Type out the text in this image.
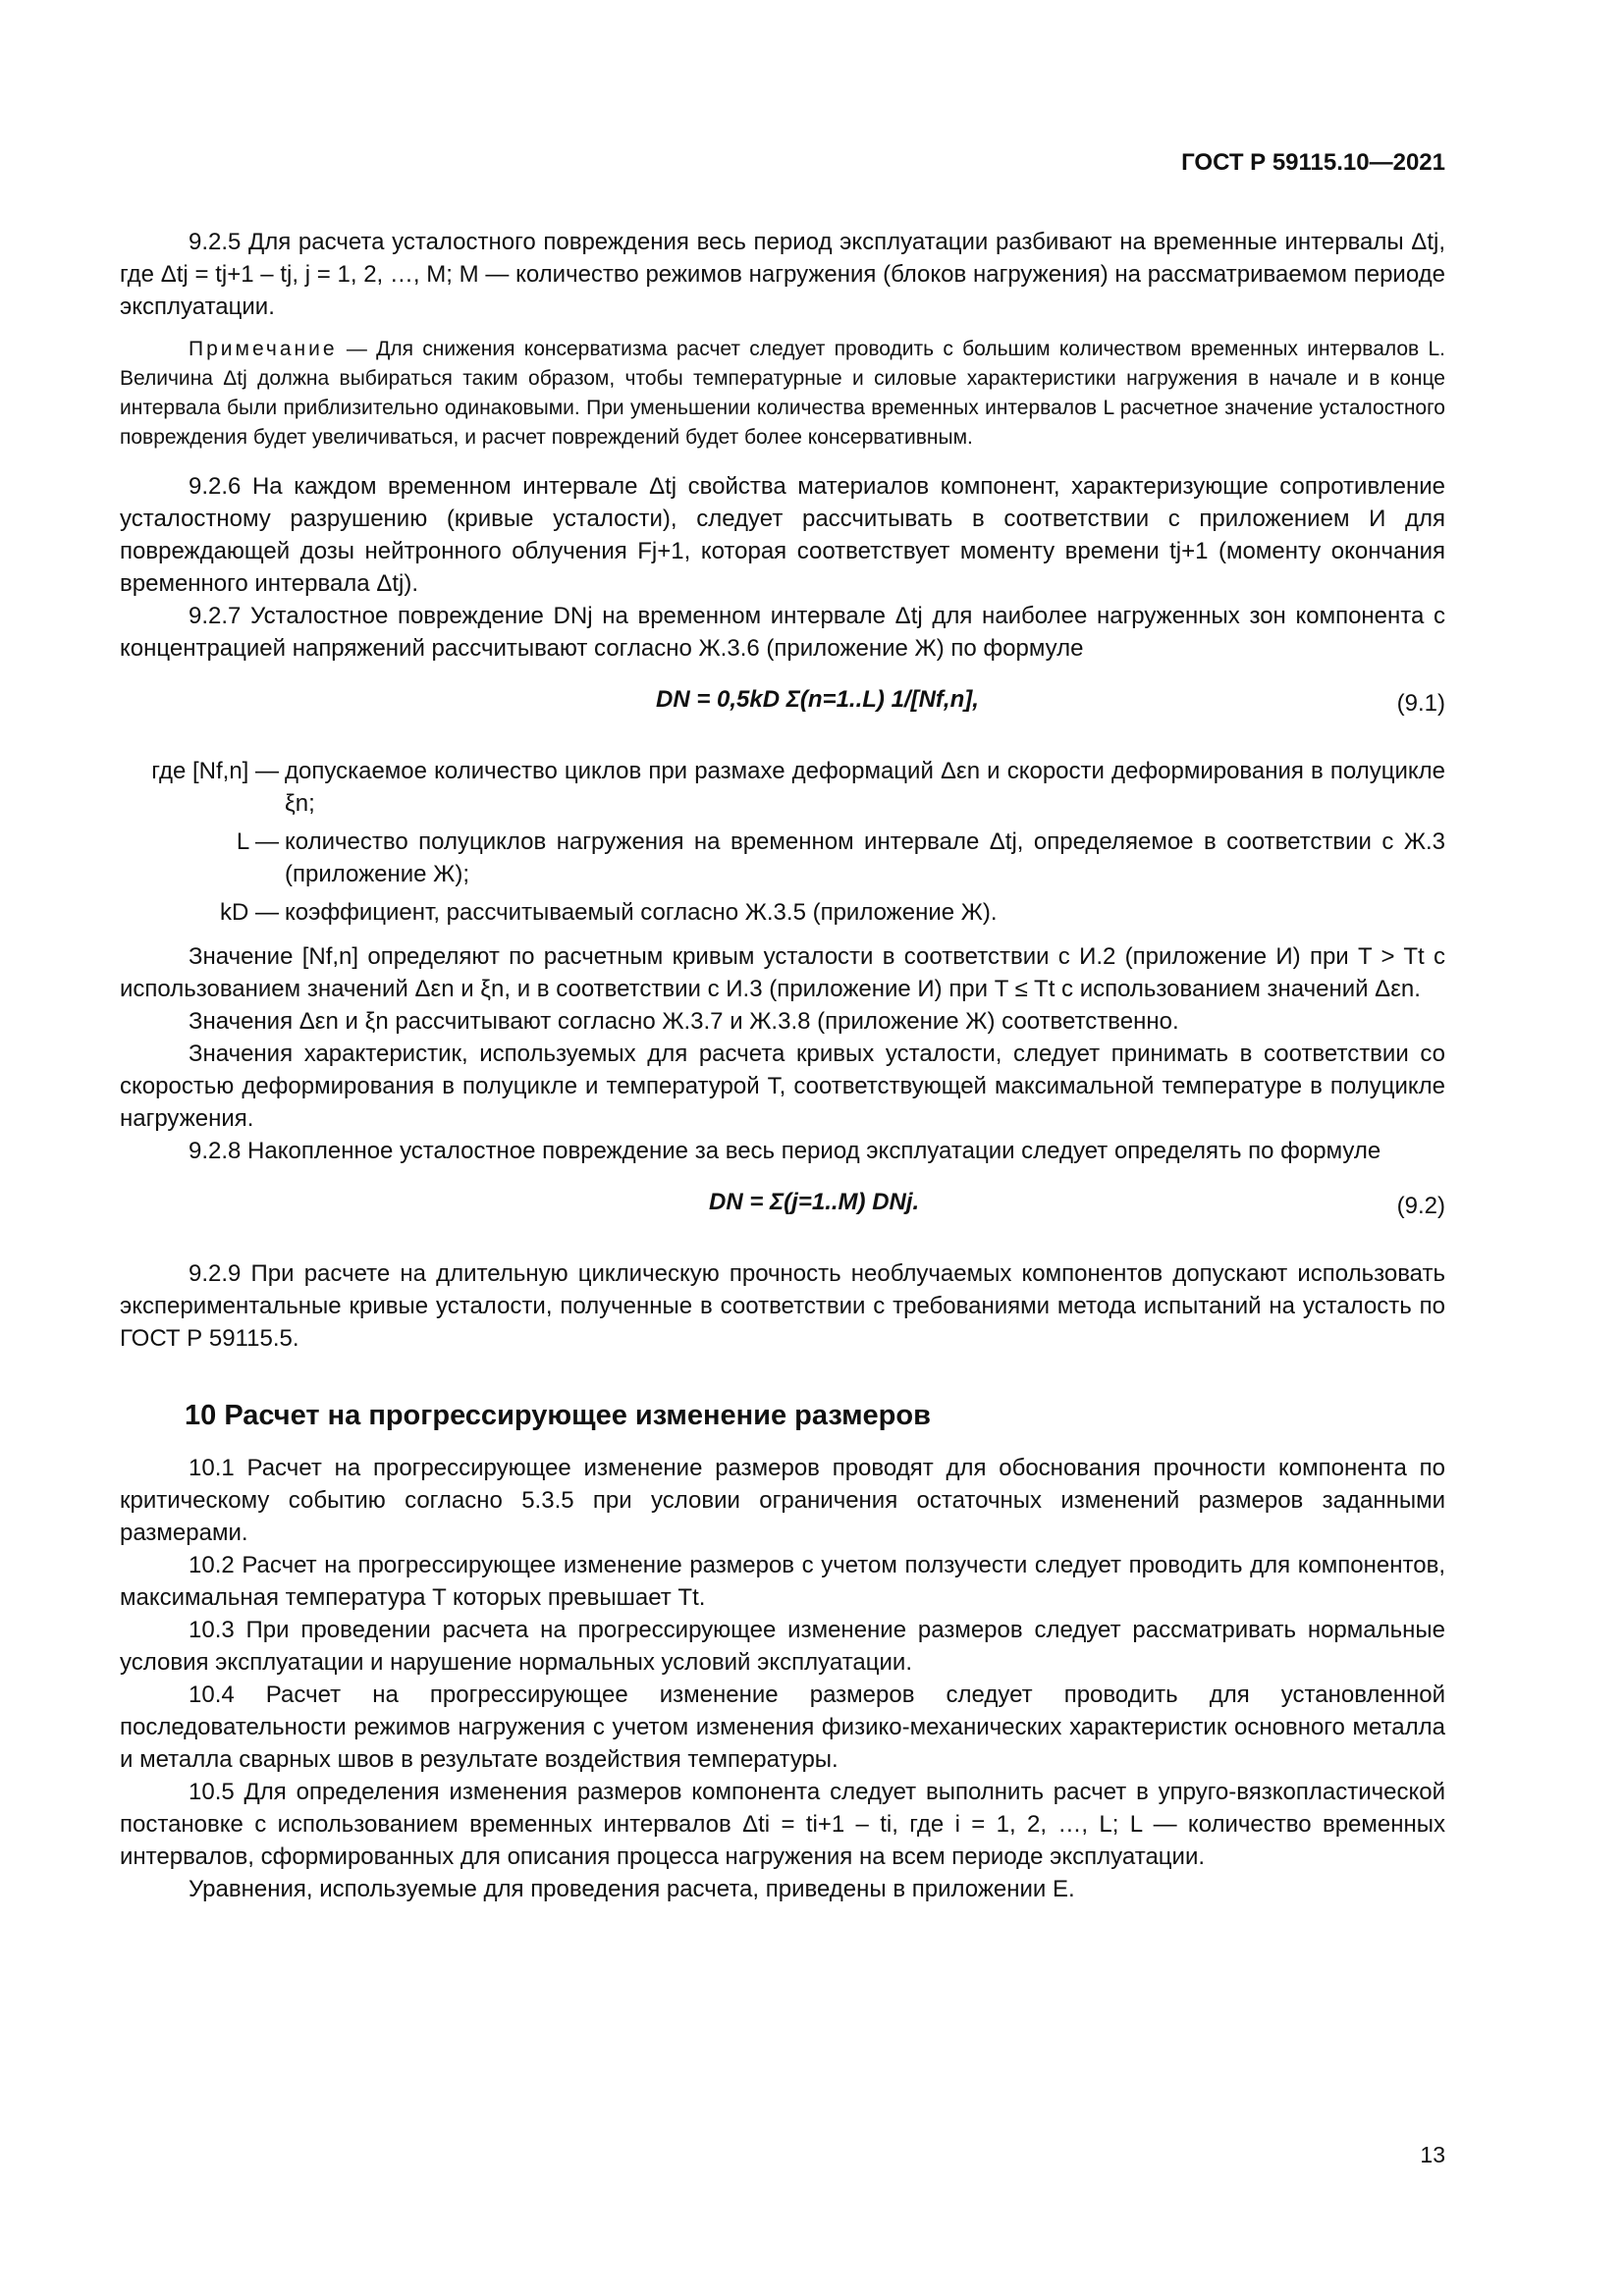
ГОСТ Р 59115.10—2021

9.2.5 Для расчета усталостного повреждения весь период эксплуатации разбивают на временные интервалы Δtj, где Δtj = tj+1 – tj, j = 1, 2, …, M; M — количество режимов нагружения (блоков нагружения) на рассматриваемом периоде эксплуатации.

Примечание — Для снижения консерватизма расчет следует проводить с большим количеством временных интервалов L. Величина Δtj должна выбираться таким образом, чтобы температурные и силовые характеристики нагружения в начале и в конце интервала были приблизительно одинаковыми. При уменьшении количества временных интервалов L расчетное значение усталостного повреждения будет увеличиваться, и расчет повреждений будет более консервативным.

9.2.6 На каждом временном интервале Δtj свойства материалов компонент, характеризующие сопротивление усталостному разрушению (кривые усталости), следует рассчитывать в соответствии с приложением И для повреждающей дозы нейтронного облучения Fj+1, которая соответствует моменту времени tj+1 (моменту окончания временного интервала Δtj).

9.2.7 Усталостное повреждение DNj на временном интервале Δtj для наиболее нагруженных зон компонента с концентрацией напряжений рассчитывают согласно Ж.3.6 (приложение Ж) по формуле

DN = 0,5kD Σ(n=1..L) 1/[Nf,n],	(9.1)
где [Nf,n] — допускаемое количество циклов при размахе деформаций Δεn и скорости деформирования в полуцикле ξn;
L — количество полуциклов нагружения на временном интервале Δtj, определяемое в соответствии с Ж.3 (приложение Ж);
kD — коэффициент, рассчитываемый согласно Ж.3.5 (приложение Ж).

Значение [Nf,n] определяют по расчетным кривым усталости в соответствии с И.2 (приложение И) при T > Tt с использованием значений Δεn и ξn, и в соответствии с И.3 (приложение И) при T ≤ Tt с использованием значений Δεn.

Значения Δεn и ξn рассчитывают согласно Ж.3.7 и Ж.3.8 (приложение Ж) соответственно.

Значения характеристик, используемых для расчета кривых усталости, следует принимать в соответствии со скоростью деформирования в полуцикле и температурой T, соответствующей максимальной температуре в полуцикле нагружения.

9.2.8 Накопленное усталостное повреждение за весь период эксплуатации следует определять по формуле

DN = Σ(j=1..M) DNj.	(9.2)

9.2.9 При расчете на длительную циклическую прочность необлучаемых компонентов допускают использовать экспериментальные кривые усталости, полученные в соответствии с требованиями метода испытаний на усталость по ГОСТ Р 59115.5.

10 Расчет на прогрессирующее изменение размеров

10.1 Расчет на прогрессирующее изменение размеров проводят для обоснования прочности компонента по критическому событию согласно 5.3.5 при условии ограничения остаточных изменений размеров заданными размерами.

10.2 Расчет на прогрессирующее изменение размеров с учетом ползучести следует проводить для компонентов, максимальная температура T которых превышает Tt.

10.3 При проведении расчета на прогрессирующее изменение размеров следует рассматривать нормальные условия эксплуатации и нарушение нормальных условий эксплуатации.

10.4 Расчет на прогрессирующее изменение размеров следует проводить для установленной последовательности режимов нагружения с учетом изменения физико-механических характеристик основного металла и металла сварных швов в результате воздействия температуры.

10.5 Для определения изменения размеров компонента следует выполнить расчет в упруго-вязкопластической постановке с использованием временных интервалов Δti = ti+1 – ti, где i = 1, 2, …, L; L — количество временных интервалов, сформированных для описания процесса нагружения на всем периоде эксплуатации.

Уравнения, используемые для проведения расчета, приведены в приложении Е.

13
